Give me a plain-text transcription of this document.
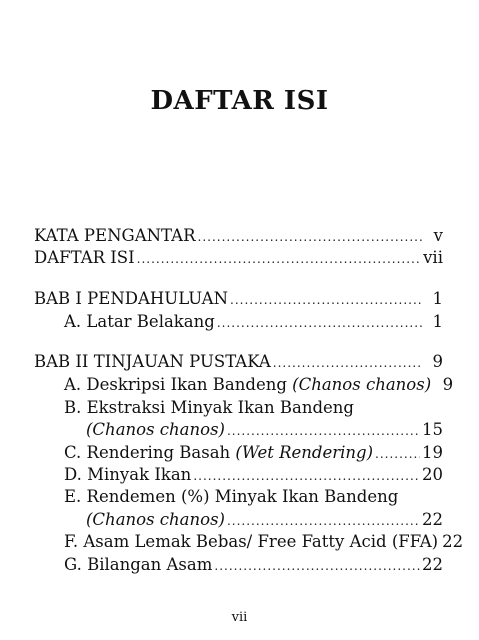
DAFTAR ISI
KATA PENGANTAR .....	v
DAFTAR ISI .....	vii
BAB I PENDAHULUAN .....	1
A. Latar Belakang .....	1
BAB II TINJAUAN PUSTAKA .....	9
A. Deskripsi Ikan Bandeng (Chanos chanos) 9
B. Ekstraksi Minyak Ikan Bandeng
(Chanos chanos) .....	15
C. Rendering Basah (Wet Rendering) .....	19
D. Minyak Ikan .....	20
E. Rendemen (%) Minyak Ikan Bandeng
(Chanos chanos) .....	22
F. Asam Lemak Bebas/ Free Fatty Acid (FFA) 22
G. Bilangan Asam .....	22
vii
